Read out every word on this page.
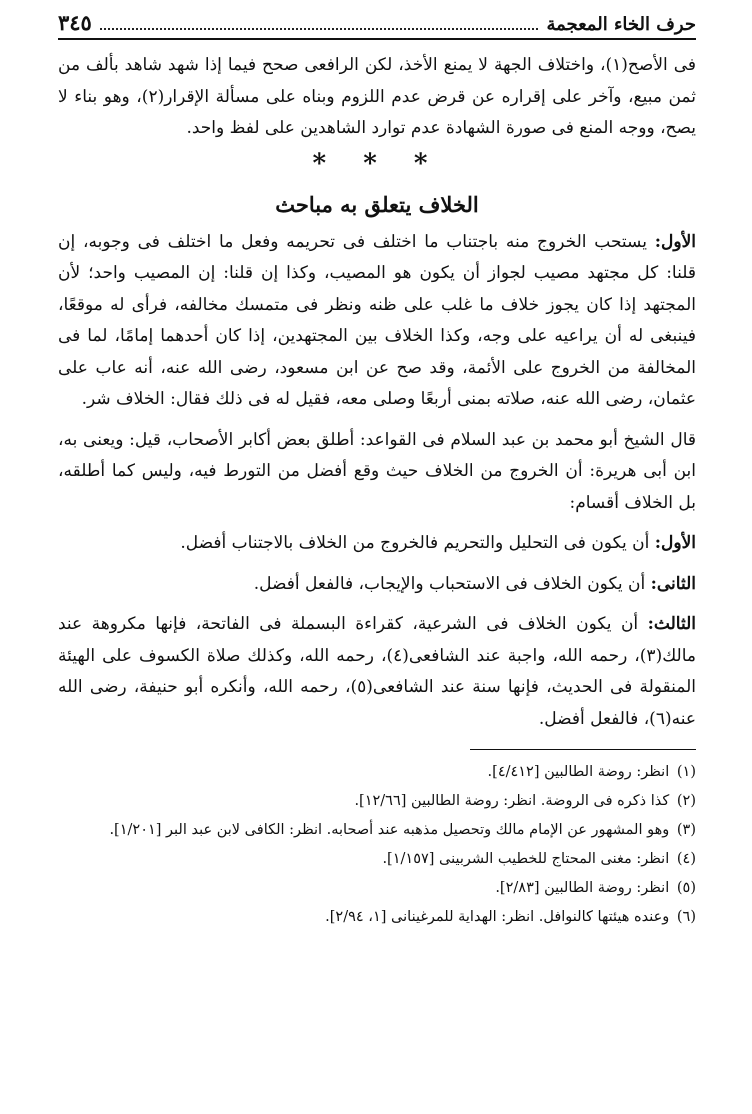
حرف الخاء المعجمة
٣٤٥

فى الأصح(١)، واختلاف الجهة لا يمنع الأخذ، لكن الرافعى صحح فيما إذا شهد شاهد بألف من ثمن مبيع، وآخر على إقراره عن قرض عدم اللزوم وبناه على مسألة الإقرار(٢)، وهو بناء لا يصح، ووجه المنع فى صورة الشهادة عدم توارد الشاهدين على لفظ واحد.

* * *

الخلاف يتعلق به مباحث

الأول: يستحب الخروج منه باجتناب ما اختلف فى تحريمه وفعل ما اختلف فى وجوبه، إن قلنا: كل مجتهد مصيب لجواز أن يكون هو المصيب، وكذا إن قلنا: إن المصيب واحد؛ لأن المجتهد إذا كان يجوز خلاف ما غلب على ظنه ونظر فى متمسك مخالفه، فرأى له موقعًا، فينبغى له أن يراعيه على وجه، وكذا الخلاف بين المجتهدين، إذا كان أحدهما إمامًا، لما فى المخالفة من الخروج على الأئمة، وقد صح عن ابن مسعود، رضى الله عنه، أنه عاب على عثمان، رضى الله عنه، صلاته بمنى أربعًا وصلى معه، فقيل له فى ذلك فقال: الخلاف شر.

قال الشيخ أبو محمد بن عبد السلام فى القواعد: أطلق بعض أكابر الأصحاب، قيل: ويعنى به، ابن أبى هريرة: أن الخروج من الخلاف حيث وقع أفضل من التورط فيه، وليس كما أطلقه، بل الخلاف أقسام:

الأول: أن يكون فى التحليل والتحريم فالخروج من الخلاف بالاجتناب أفضل.

الثانى: أن يكون الخلاف فى الاستحباب والإيجاب، فالفعل أفضل.

الثالث: أن يكون الخلاف فى الشرعية، كقراءة البسملة فى الفاتحة، فإنها مكروهة عند مالك(٣)، رحمه الله، واجبة عند الشافعى(٤)، رحمه الله، وكذلك صلاة الكسوف على الهيئة المنقولة فى الحديث، فإنها سنة عند الشافعى(٥)، رحمه الله، وأنكره أبو حنيفة، رضى الله عنه(٦)، فالفعل أفضل.

(١) انظر: روضة الطالبين [٤/٤١٢].

(٢) كذا ذكره فى الروضة. انظر: روضة الطالبين [١٢/٦٦].

(٣) وهو المشهور عن الإمام مالك وتحصيل مذهبه عند أصحابه. انظر: الكافى لابن عبد البر [١/٢٠١].

(٤) انظر: مغنى المحتاج للخطيب الشربينى [١/١٥٧].

(٥) انظر: روضة الطالبين [٢/٨٣].

(٦) وعنده هيئتها كالنوافل. انظر: الهداية للمرغينانى [١، ٢/٩٤].
